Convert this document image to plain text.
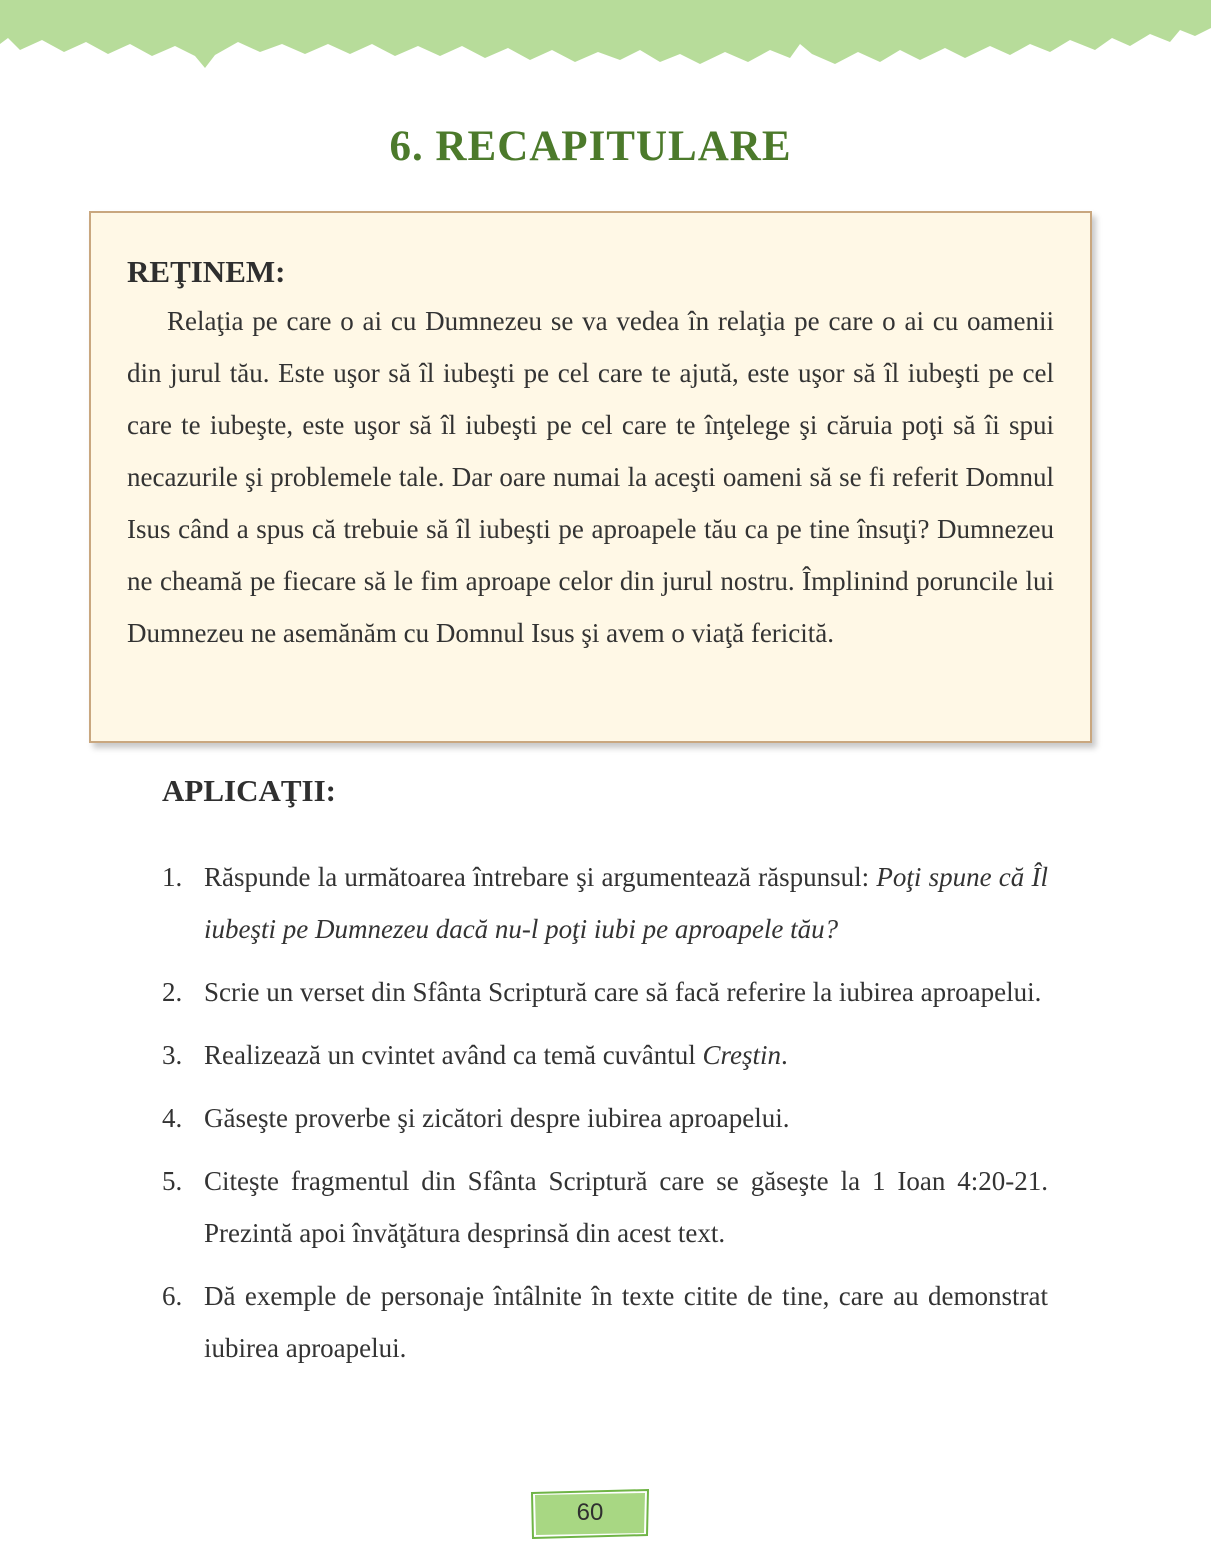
6. RECAPITULARE
REŢINEM:

Relaţia pe care o ai cu Dumnezeu se va vedea în relaţia pe care o ai cu oamenii din jurul tău. Este uşor să îl iubeşti pe cel care te ajută, este uşor să îl iubeşti pe cel care te iubeşte, este uşor să îl iubeşti pe cel care te înţelege şi căruia poţi să îi spui necazurile şi problemele tale. Dar oare numai la aceşti oameni să se fi referit Domnul Isus când a spus că trebuie să îl iubeşti pe aproapele tău ca pe tine însuţi? Dumnezeu ne cheamă pe fiecare să le fim aproape celor din jurul nostru. Împlinind poruncile lui Dumnezeu ne asemănăm cu Domnul Isus şi avem o viaţă fericită.

APLICAŢII:
1. Răspunde la următoarea întrebare şi argumentează răspunsul: Poţi spune că Îl iubeşti pe Dumnezeu dacă nu-l poţi iubi pe aproapele tău?
2. Scrie un verset din Sfânta Scriptură care să facă referire la iubirea aproapelui.
3. Realizează un cvintet având ca temă cuvântul Creştin.
4. Găseşte proverbe şi zicători despre iubirea aproapelui.
5. Citeşte fragmentul din Sfânta Scriptură care se găseşte la 1 Ioan 4:20-21. Prezintă apoi învăţătura desprinsă din acest text.
6. Dă exemple de personaje întâlnite în texte citite de tine, care au demonstrat iubirea aproapelui.
60
